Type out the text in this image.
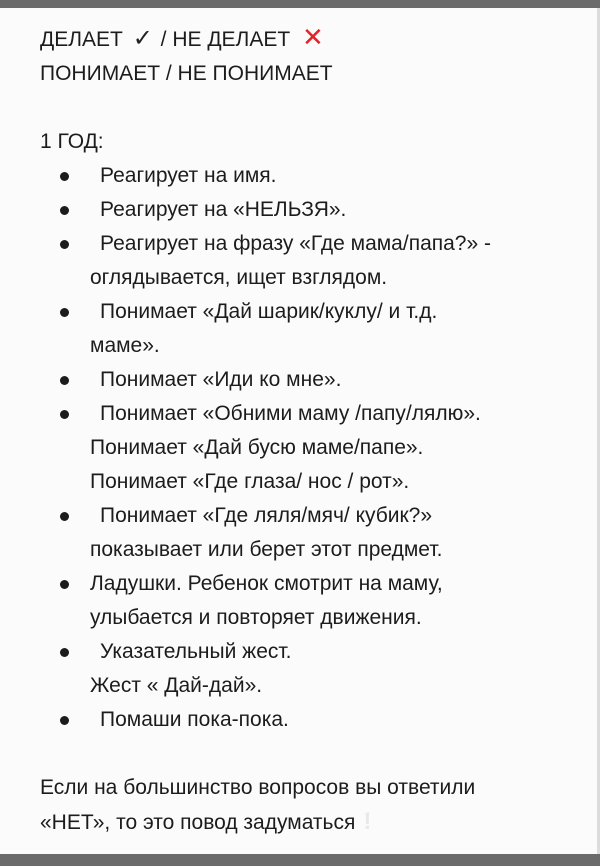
ДЕЛАЕТ ✓ / НЕ ДЕЛАЕТ ✕
ПОНИМАЕТ / НЕ ПОНИМАЕТ
1 ГОД:
Реагирует на имя.
Реагирует на «НЕЛЬЗЯ».
Реагирует на фразу «Где мама/папа?» -
оглядывается, ищет взглядом.
Понимает «Дай шарик/куклу/ и т.д.
маме».
Понимает «Иди ко мне».
Понимает «Обними маму /папу/лялю».
Понимает «Дай бусю маме/папе».
Понимает «Где глаза/ нос / рот».
Понимает «Где ляля/мяч/ кубик?»
показывает или берет этот предмет.
Ладушки. Ребенок смотрит на маму,
улыбается и повторяет движения.
Указательный жест.
Жест « Дай-дай».
Помаши пока-пока.
Если на большинство вопросов вы ответили
«НЕТ», то это повод задуматься !
